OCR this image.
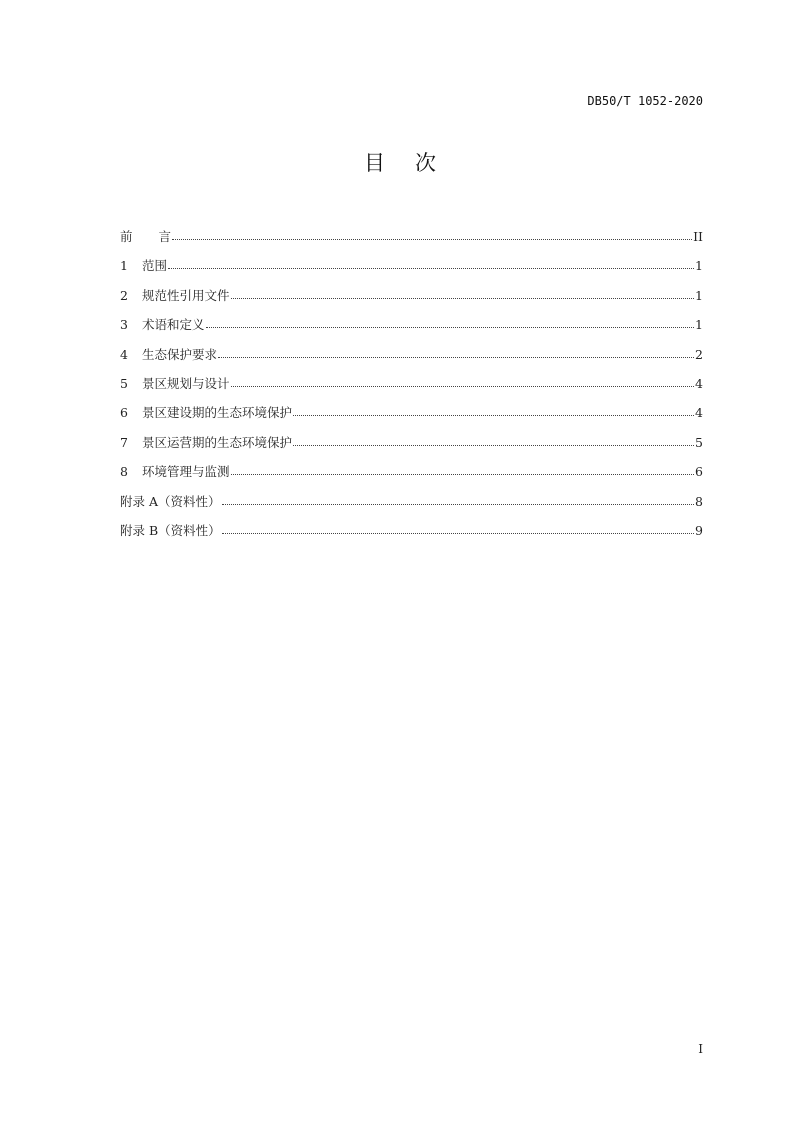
DB50/T 1052-2020
目 次
前 言	II
1	范围	1
2	规范性引用文件	1
3	术语和定义	1
4	生态保护要求	2
5	景区规划与设计	4
6	景区建设期的生态环境保护	4
7	景区运营期的生态环境保护	5
8	环境管理与监测	6
附录 A（资料性）	8
附录 B（资料性）	9
I
